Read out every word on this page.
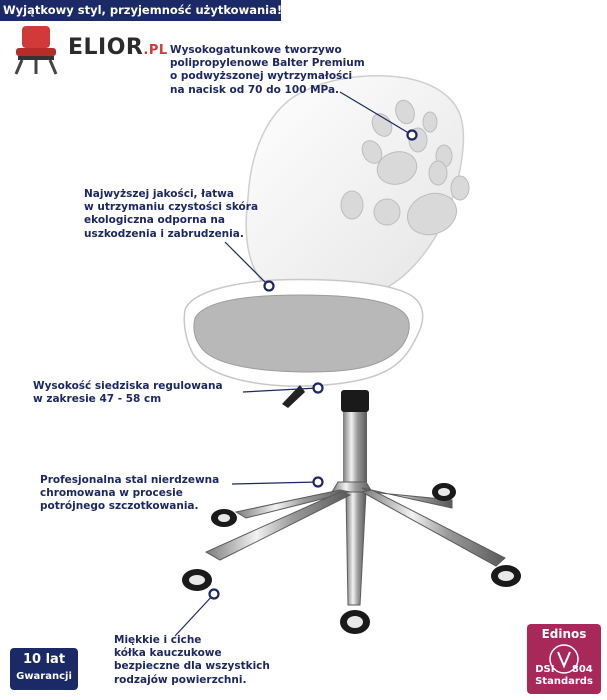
Wyjątkowy styl, przyjemność użytkowania!
ELIOR.PL Wysokogatunkowe tworzywo
polipropylenowe Balter Premium
o podwyższonej wytrzymałości
na nacisk od 70 do 100 MPa.
Najwyższej jakości, łatwa
w utrzymaniu czystości skóra
ekologiczna odporna na
uszkodzenia i zabrudzenia.
Wysokość siedziska regulowana
w zakresie 47 - 58 cm
Profesjonalna stal nierdzewna
chromowana w procesie
potrójnego szczotkowania.
Miękkie i ciche
kółka kauczukowe
bezpieczne dla wszystkich
rodzajów powierzchni.
10 lat
Gwarancji
Edinos
DSI 804
Standards
